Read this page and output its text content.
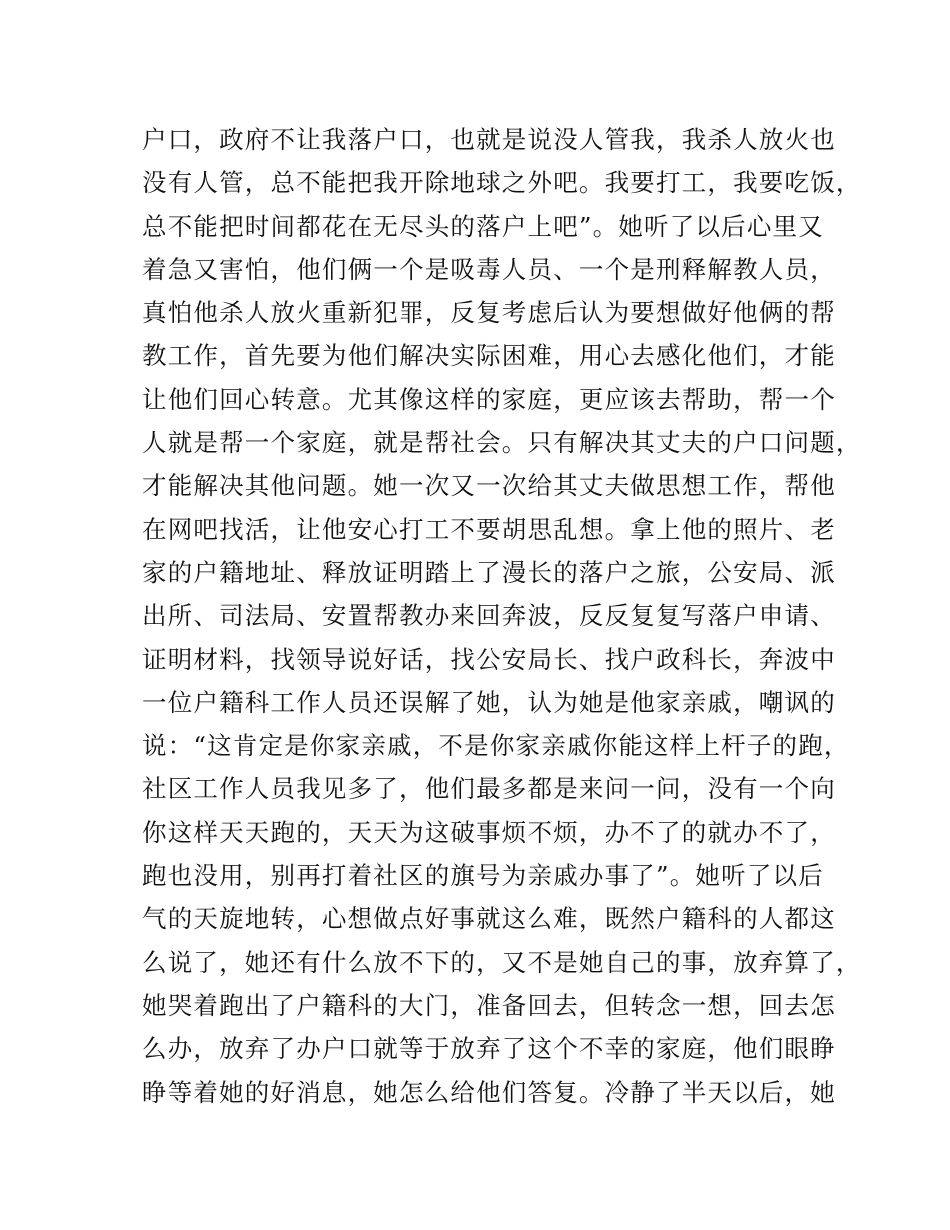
户口，政府不让我落户口，也就是说没人管我，我杀人放火也
没有人管，总不能把我开除地球之外吧。我要打工，我要吃饭，
总不能把时间都花在无尽头的落户上吧”。她听了以后心里又
着急又害怕，他们俩一个是吸毒人员、一个是刑释解教人员，
真怕他杀人放火重新犯罪，反复考虑后认为要想做好他俩的帮
教工作，首先要为他们解决实际困难，用心去感化他们，才能
让他们回心转意。尤其像这样的家庭，更应该去帮助，帮一个
人就是帮一个家庭，就是帮社会。只有解决其丈夫的户口问题，
才能解决其他问题。她一次又一次给其丈夫做思想工作，帮他
在网吧找活，让他安心打工不要胡思乱想。拿上他的照片、老
家的户籍地址、释放证明踏上了漫长的落户之旅，公安局、派
出所、司法局、安置帮教办来回奔波，反反复复写落户申请、
证明材料，找领导说好话，找公安局长、找户政科长，奔波中
一位户籍科工作人员还误解了她，认为她是他家亲戚，嘲讽的
说：“这肯定是你家亲戚，不是你家亲戚你能这样上杆子的跑，
社区工作人员我见多了，他们最多都是来问一问，没有一个向
你这样天天跑的，天天为这破事烦不烦，办不了的就办不了，
跑也没用，别再打着社区的旗号为亲戚办事了”。她听了以后
气的天旋地转，心想做点好事就这么难，既然户籍科的人都这
么说了，她还有什么放不下的，又不是她自己的事，放弃算了，
她哭着跑出了户籍科的大门，准备回去，但转念一想，回去怎
么办，放弃了办户口就等于放弃了这个不幸的家庭，他们眼睁
睁等着她的好消息，她怎么给他们答复。冷静了半天以后，她
